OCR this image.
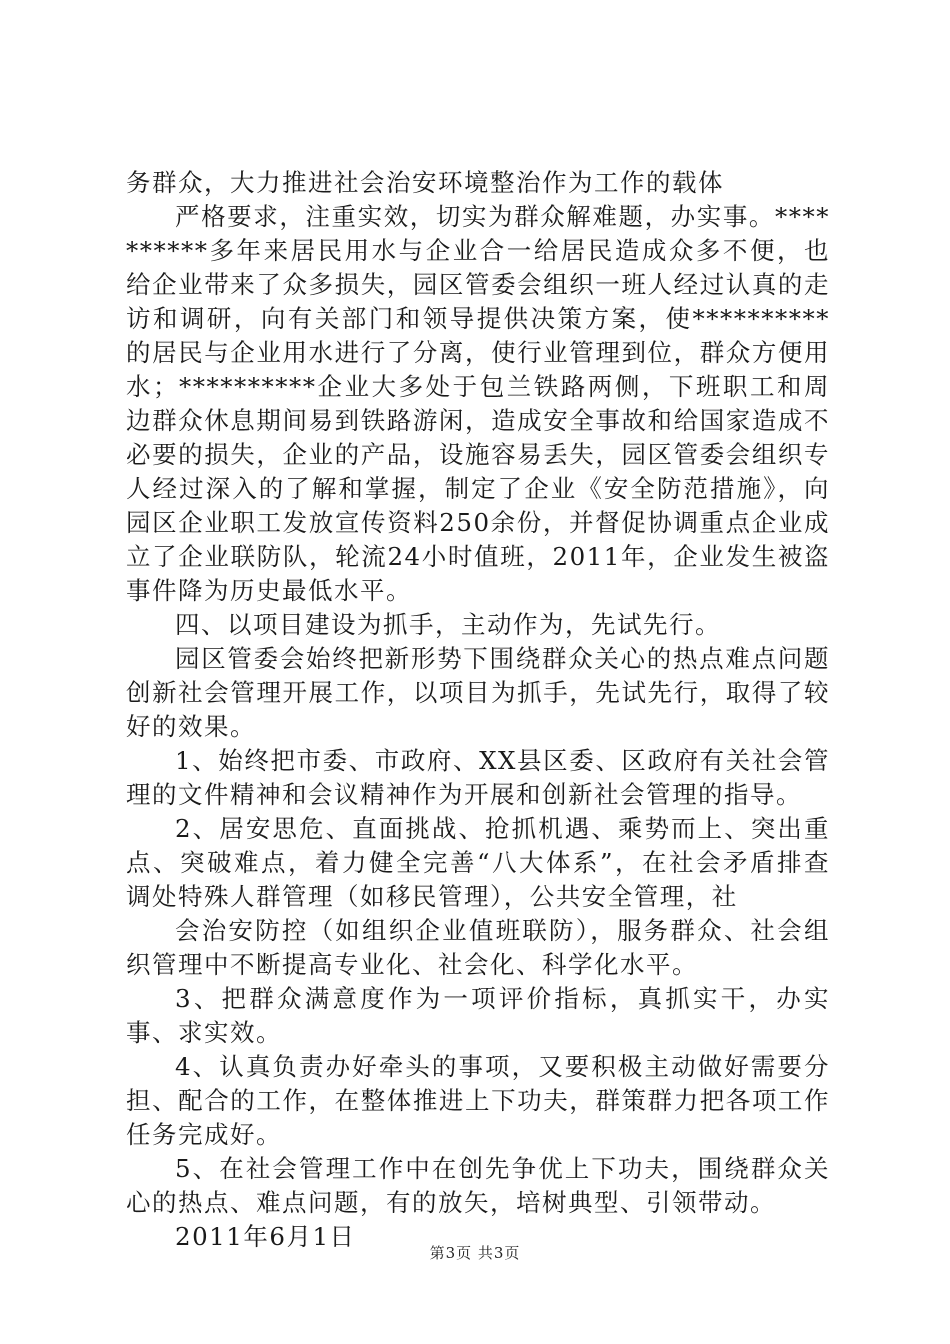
务群众，大力推进社会治安环境整治作为工作的载体

严格要求，注重实效，切实为群众解难题，办实事。**********多年来居民用水与企业合一给居民造成众多不便，也给企业带来了众多损失，园区管委会组织一班人经过认真的走访和调研，向有关部门和领导提供决策方案，使**********的居民与企业用水进行了分离，使行业管理到位，群众方便用水；**********企业大多处于包兰铁路两侧，下班职工和周边群众休息期间易到铁路游闲，造成安全事故和给国家造成不必要的损失，企业的产品，设施容易丢失，园区管委会组织专人经过深入的了解和掌握，制定了企业《安全防范措施》，向园区企业职工发放宣传资料250余份，并督促协调重点企业成立了企业联防队，轮流24小时值班，2011年，企业发生被盗事件降为历史最低水平。

四、以项目建设为抓手，主动作为，先试先行。

园区管委会始终把新形势下围绕群众关心的热点难点问题创新社会管理开展工作，以项目为抓手，先试先行，取得了较好的效果。

1、始终把市委、市政府、XX县区委、区政府有关社会管理的文件精神和会议精神作为开展和创新社会管理的指导。

2、居安思危、直面挑战、抢抓机遇、乘势而上、突出重点、突破难点，着力健全完善“八大体系”，在社会矛盾排查调处特殊人群管理（如移民管理），公共安全管理，社

会治安防控（如组织企业值班联防），服务群众、社会组织管理中不断提高专业化、社会化、科学化水平。

3、把群众满意度作为一项评价指标，真抓实干，办实事、求实效。

4、认真负责办好牵头的事项，又要积极主动做好需要分担、配合的工作，在整体推进上下功夫，群策群力把各项工作任务完成好。

5、在社会管理工作中在创先争优上下功夫，围绕群众关心的热点、难点问题，有的放矢，培树典型、引领带动。

2011年6月1日

第3页 共3页
